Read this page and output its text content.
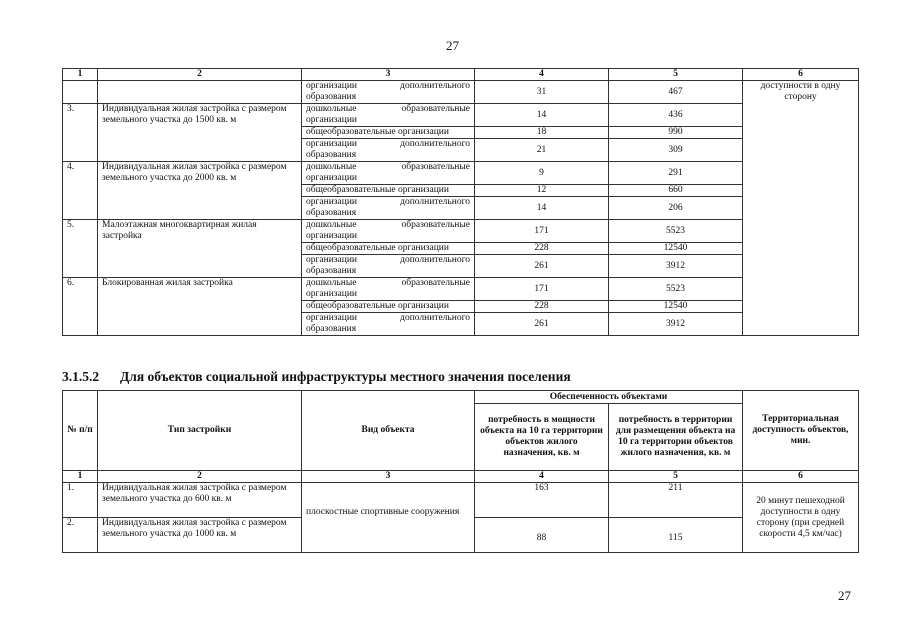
27
1	2	3	4	5	6
		организации дополнительного образования	31	467	доступности в одну сторону
3.	Индивидуальная жилая застройка с размером земельного участка до 1500 кв. м	дошкольные образовательные организации	14	436	
		общеобразовательные организации	18	990	
		организации дополнительного образования	21	309	
4.	Индивидуальная жилая застройка с размером земельного участка до 2000 кв. м	дошкольные образовательные организации	9	291	
		общеобразовательные организации	12	660	
		организации дополнительного образования	14	206	
5.	Малоэтажная многоквартирная жилая застройка	дошкольные образовательные организации	171	5523	
		общеобразовательные организации	228	12540	
		организации дополнительного образования	261	3912	
6.	Блокированная жилая застройка	дошкольные образовательные организации	171	5523	
		общеобразовательные организации	228	12540	
		организации дополнительного образования	261	3912	
3.1.5.2 Для объектов социальной инфраструктуры местного значения поселения
№ п/п	Тип застройки	Вид объекта	Обеспеченность объектами		Территориальная доступность объектов, мин.
			потребность в мощности объекта на 10 га территории объектов жилого назначения, кв. м	потребность в территории для размещения объекта на 10 га территории объектов жилого назначения, кв. м	
1	2	3	4	5	6
1.	Индивидуальная жилая застройка с размером земельного участка до 600 кв. м	плоскостные спортивные сооружения	163	211	20 минут пешеходной доступности в одну сторону (при средней скорости 4,5 км/час)
2.	Индивидуальная жилая застройка с размером земельного участка до 1000 кв. м		88	115	
27
